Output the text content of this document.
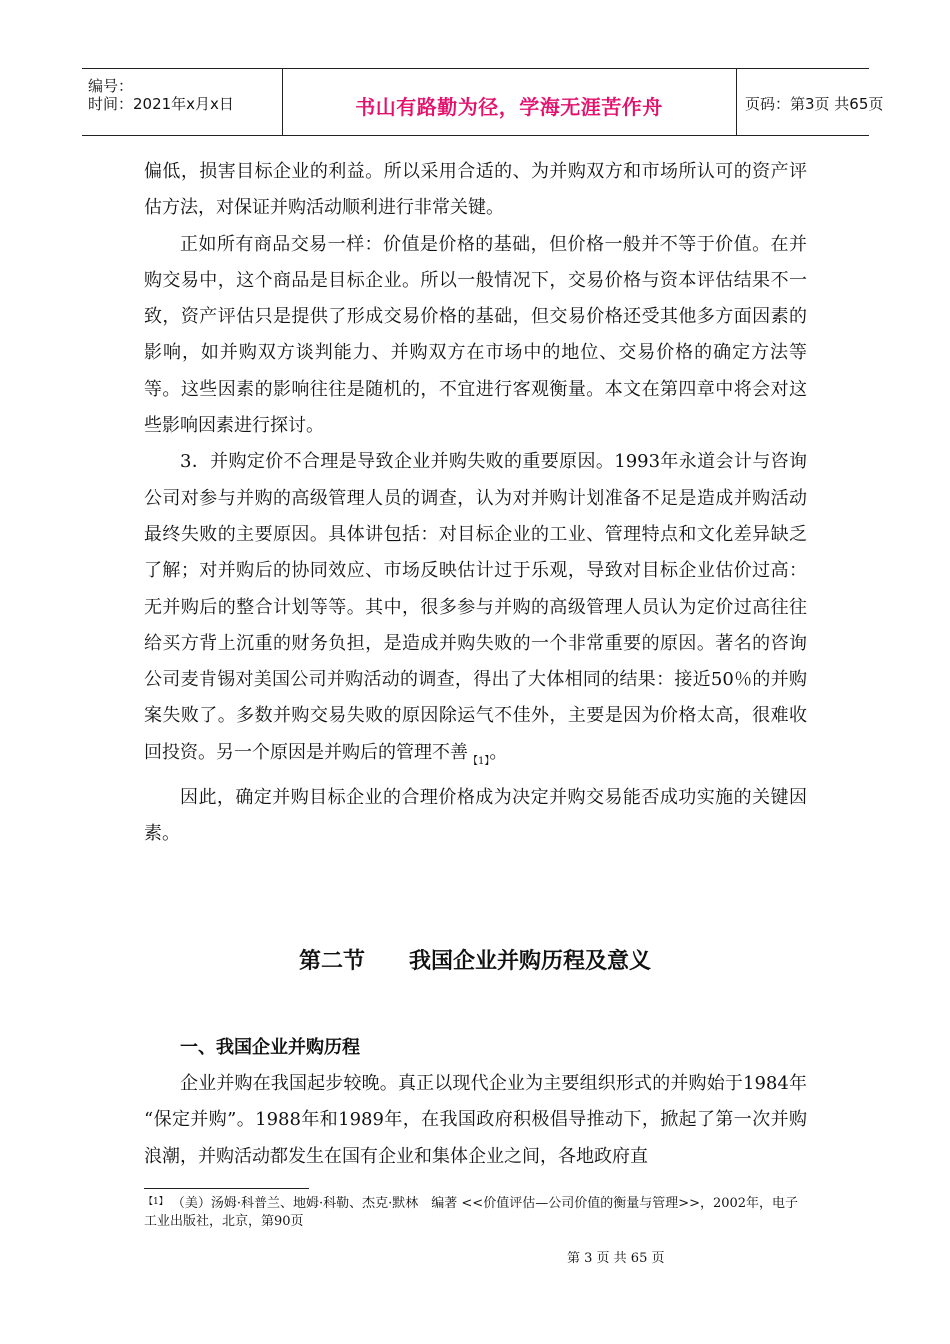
编号：
时间：2021年x月x日	书山有路勤为径，学海无涯苦作舟	页码：第3页 共65页

偏低，损害目标企业的利益。所以采用合适的、为并购双方和市场所认可的资产评估方法，对保证并购活动顺利进行非常关键。

正如所有商品交易一样：价值是价格的基础，但价格一般并不等于价值。在并购交易中，这个商品是目标企业。所以一般情况下，交易价格与资本评估结果不一致，资产评估只是提供了形成交易价格的基础，但交易价格还受其他多方面因素的影响，如并购双方谈判能力、并购双方在市场中的地位、交易价格的确定方法等等。这些因素的影响往往是随机的，不宜进行客观衡量。本文在第四章中将会对这些影响因素进行探讨。

3．并购定价不合理是导致企业并购失败的重要原因。1993年永道会计与咨询公司对参与并购的高级管理人员的调查，认为对并购计划准备不足是造成并购活动最终失败的主要原因。具体讲包括：对目标企业的工业、管理特点和文化差异缺乏了解；对并购后的协同效应、市场反映估计过于乐观，导致对目标企业估价过高：无并购后的整合计划等等。其中，很多参与并购的高级管理人员认为定价过高往往给买方背上沉重的财务负担，是造成并购失败的一个非常重要的原因。著名的咨询公司麦肯锡对美国公司并购活动的调查，得出了大体相同的结果：接近50％的并购案失败了。多数并购交易失败的原因除运气不佳外，主要是因为价格太高，很难收回投资。另一个原因是并购后的管理不善$_{【1】}$。

因此，确定并购目标企业的合理价格成为决定并购交易能否成功实施的关键因素。

第二节 我国企业并购历程及意义
一、我国企业并购历程

企业并购在我国起步较晚。真正以现代企业为主要组织形式的并购始于1984年 “保定并购”。1988年和1989年，在我国政府积极倡导推动下，掀起了第一次并购浪潮，并购活动都发生在国有企业和集体企业之间，各地政府直

$^{【1】}$ （美）汤姆·科普兰、地姆·科勒、杰克·默林　编著 <<价值评估—公司价值的衡量与管理>>，2002年，电子工业出版社，北京，第90页
第 3 页 共 65 页
